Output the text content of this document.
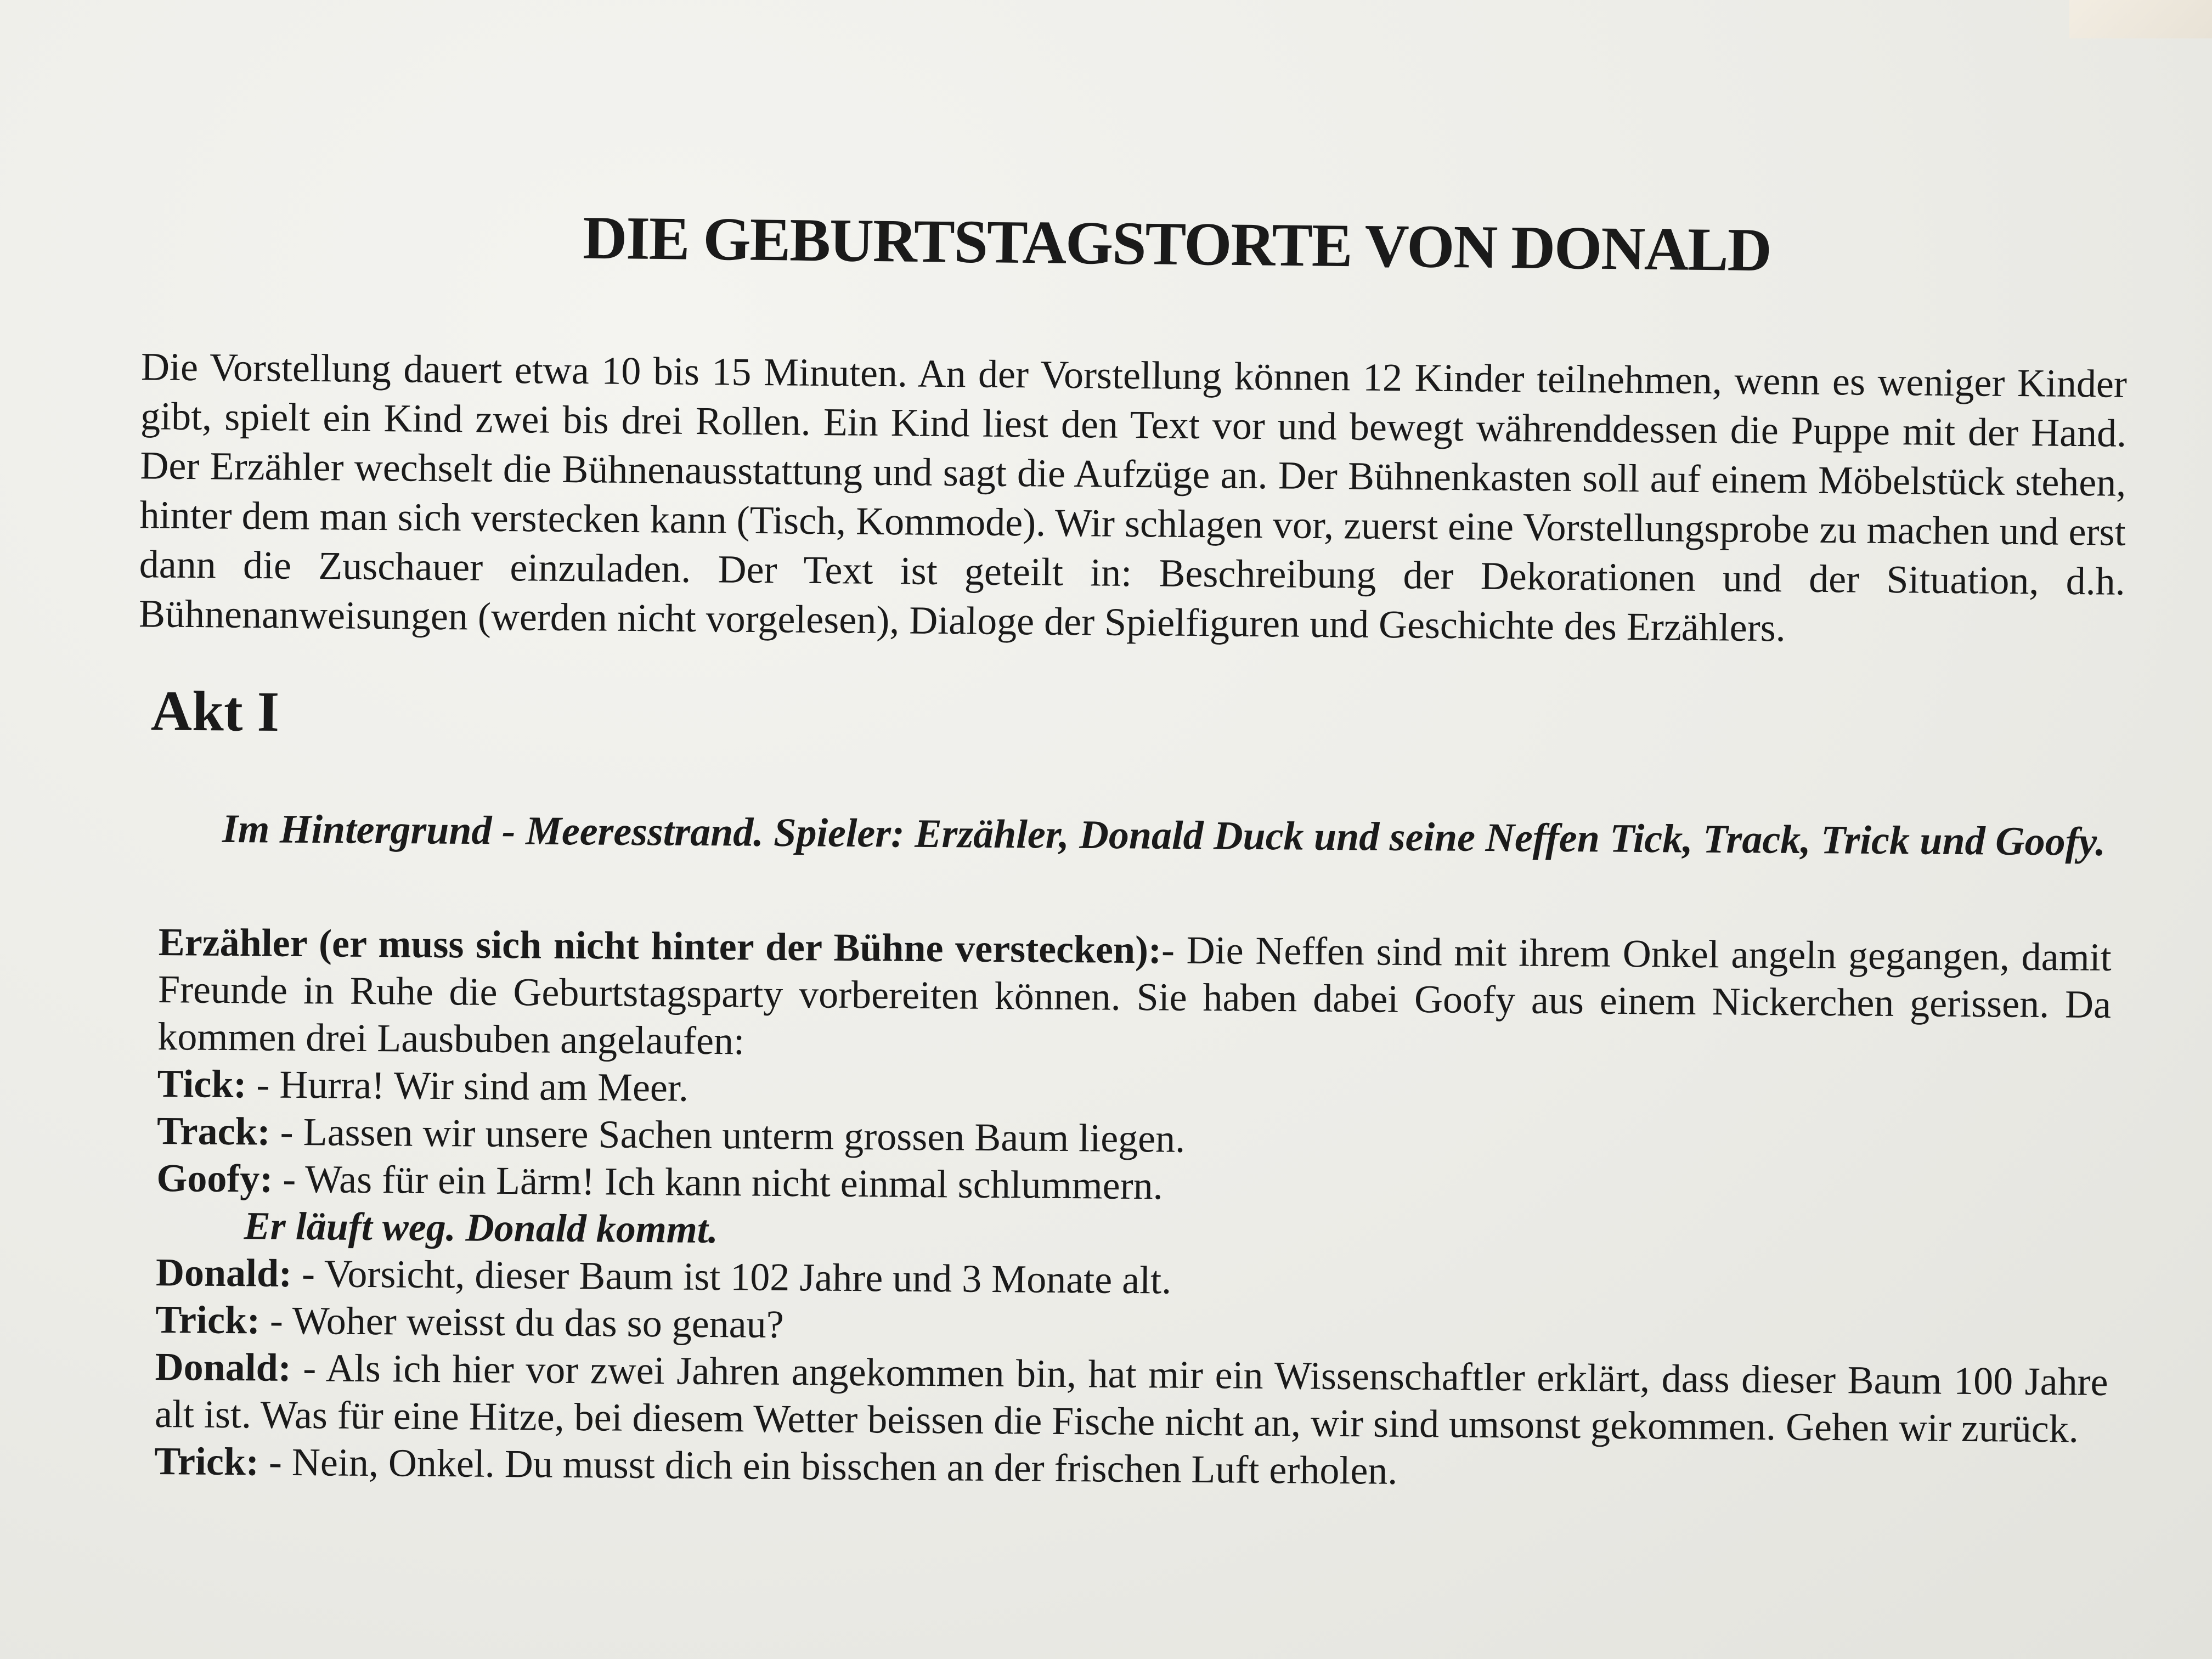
DIE GEBURTSTAGSTORTE VON DONALD

Die Vorstellung dauert etwa 10 bis 15 Minuten. An der Vorstellung können 12 Kinder teilnehmen, wenn es weniger Kinder gibt, spielt ein Kind zwei bis drei Rollen. Ein Kind liest den Text vor und bewegt währenddessen die Puppe mit der Hand. Der Erzähler wechselt die Bühnenausstattung und sagt die Aufzüge an. Der Bühnenkasten soll auf einem Möbelstück stehen, hinter dem man sich verstecken kann (Tisch, Kommode). Wir schlagen vor, zuerst eine Vorstellungsprobe zu machen und erst dann die Zuschauer einzuladen. Der Text ist geteilt in: Beschreibung der Dekorationen und der Situation, d.h. Bühnenanweisungen (werden nicht vorgelesen), Dialoge der Spielfiguren und Geschichte des Erzählers.

Akt I

Im Hintergrund - Meeresstrand. Spieler: Erzähler, Donald Duck und seine Neffen Tick, Track, Trick und Goofy.

Erzähler (er muss sich nicht hinter der Bühne verstecken):- Die Neffen sind mit ihrem Onkel angeln gegangen, damit Freunde in Ruhe die Geburtstagsparty vorbereiten können. Sie haben dabei Goofy aus einem Nickerchen gerissen. Da kommen drei Lausbuben angelaufen:

Tick: - Hurra! Wir sind am Meer.

Track: - Lassen wir unsere Sachen unterm grossen Baum liegen.

Goofy: - Was für ein Lärm! Ich kann nicht einmal schlummern.

Er läuft weg. Donald kommt.

Donald: - Vorsicht, dieser Baum ist 102 Jahre und 3 Monate alt.

Trick: - Woher weisst du das so genau?

Donald: - Als ich hier vor zwei Jahren angekommen bin, hat mir ein Wissenschaftler erklärt, dass dieser Baum 100 Jahre alt ist. Was für eine Hitze, bei diesem Wetter beissen die Fische nicht an, wir sind umsonst gekommen. Gehen wir zurück.

Trick: - Nein, Onkel. Du musst dich ein bisschen an der frischen Luft erholen.
